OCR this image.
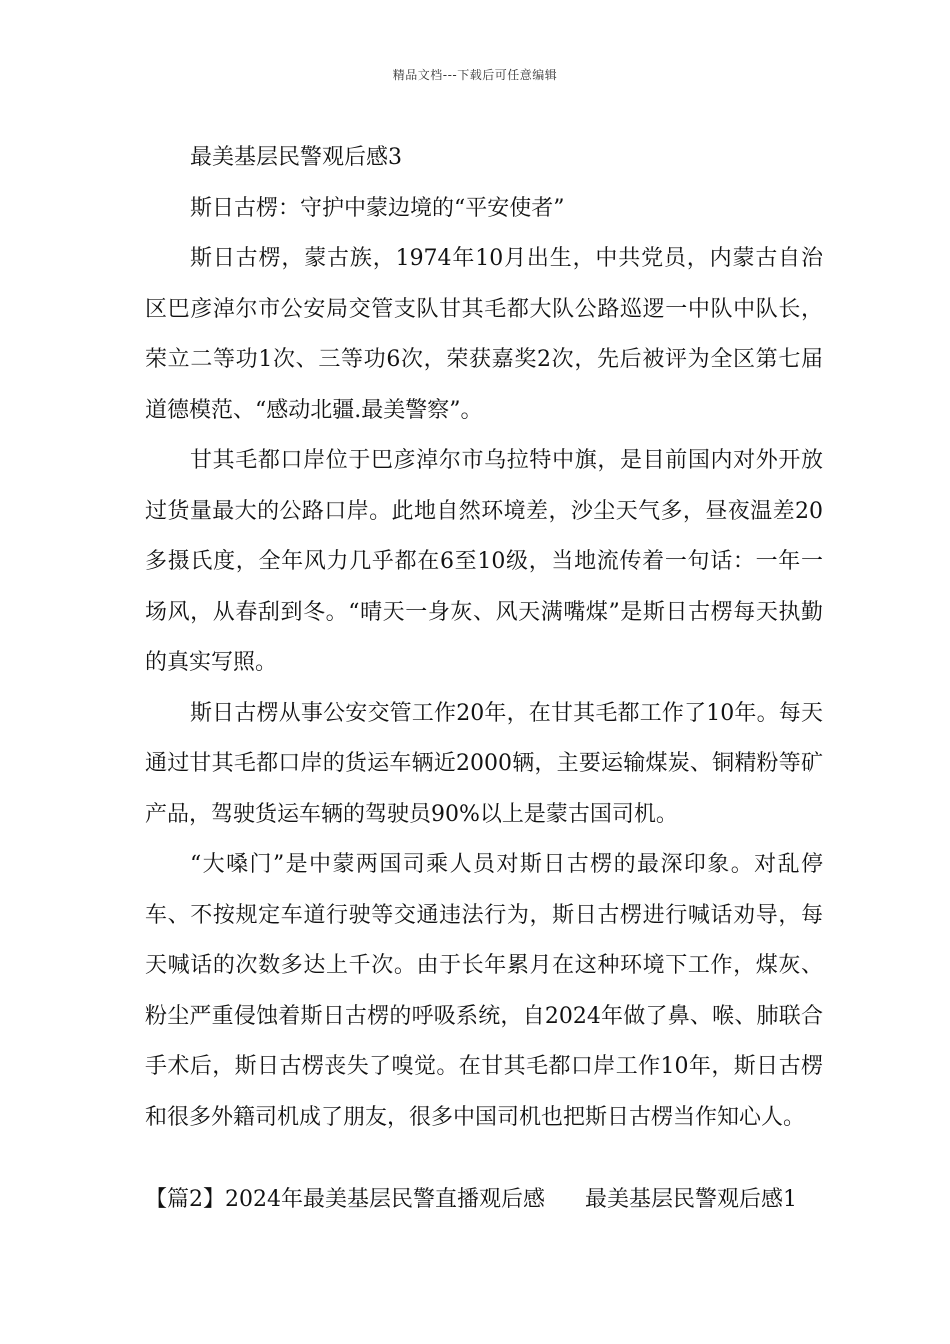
精品文档---下载后可任意编辑

最美基层民警观后感3

斯日古楞：守护中蒙边境的“平安使者”

斯日古楞，蒙古族，1974年10月出生，中共党员，内蒙古自治区巴彦淖尔市公安局交管支队甘其毛都大队公路巡逻一中队中队长，荣立二等功1次、三等功6次，荣获嘉奖2次，先后被评为全区第七届道德模范、“感动北疆.最美警察”。

甘其毛都口岸位于巴彦淖尔市乌拉特中旗，是目前国内对外开放过货量最大的公路口岸。此地自然环境差，沙尘天气多，昼夜温差20多摄氏度，全年风力几乎都在6至10级，当地流传着一句话：一年一场风，从春刮到冬。“晴天一身灰、风天满嘴煤”是斯日古楞每天执勤的真实写照。

斯日古楞从事公安交管工作20年，在甘其毛都工作了10年。每天通过甘其毛都口岸的货运车辆近2000辆，主要运输煤炭、铜精粉等矿产品，驾驶货运车辆的驾驶员90%以上是蒙古国司机。

“大嗓门”是中蒙两国司乘人员对斯日古楞的最深印象。对乱停车、不按规定车道行驶等交通违法行为，斯日古楞进行喊话劝导，每天喊话的次数多达上千次。由于长年累月在这种环境下工作，煤灰、粉尘严重侵蚀着斯日古楞的呼吸系统，自2024年做了鼻、喉、肺联合手术后，斯日古楞丧失了嗅觉。在甘其毛都口岸工作10年，斯日古楞和很多外籍司机成了朋友，很多中国司机也把斯日古楞当作知心人。

【篇2】2024年最美基层民警直播观后感 最美基层民警观后感1
